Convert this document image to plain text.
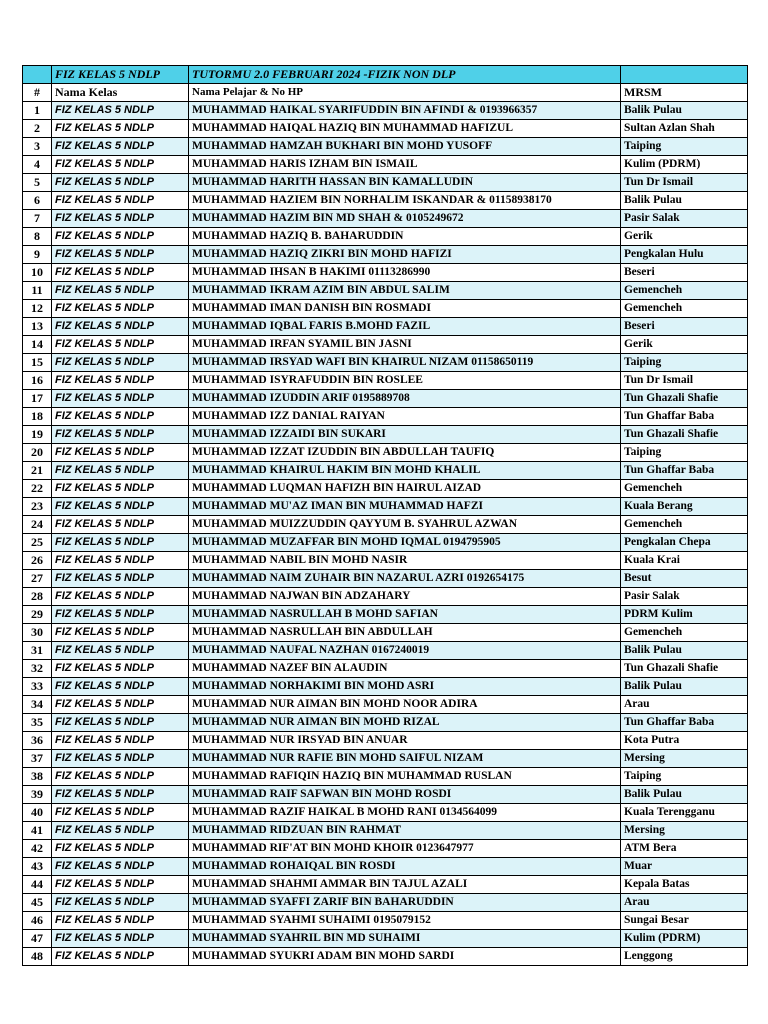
	FIZ KELAS 5 NDLP	TUTORMU 2.0 FEBRUARI 2024 -FIZIK NON DLP	
#	Nama Kelas	Nama Pelajar & No HP	MRSM
1	FIZ KELAS 5 NDLP	MUHAMMAD HAIKAL SYARIFUDDIN BIN AFINDI & 0193966357	Balik Pulau
2	FIZ KELAS 5 NDLP	MUHAMMAD HAIQAL HAZIQ BIN MUHAMMAD HAFIZUL	Sultan Azlan Shah
3	FIZ KELAS 5 NDLP	MUHAMMAD HAMZAH BUKHARI BIN MOHD YUSOFF	Taiping
4	FIZ KELAS 5 NDLP	MUHAMMAD HARIS IZHAM BIN ISMAIL	Kulim (PDRM)
5	FIZ KELAS 5 NDLP	MUHAMMAD HARITH HASSAN BIN KAMALLUDIN	Tun Dr Ismail
6	FIZ KELAS 5 NDLP	MUHAMMAD HAZIEM BIN NORHALIM ISKANDAR & 01158938170	Balik Pulau
7	FIZ KELAS 5 NDLP	MUHAMMAD HAZIM BIN MD SHAH & 0105249672	Pasir Salak
8	FIZ KELAS 5 NDLP	MUHAMMAD HAZIQ B. BAHARUDDIN	Gerik
9	FIZ KELAS 5 NDLP	MUHAMMAD HAZIQ ZIKRI BIN MOHD HAFIZI	Pengkalan Hulu
10	FIZ KELAS 5 NDLP	MUHAMMAD IHSAN B HAKIMI 01113286990	Beseri
11	FIZ KELAS 5 NDLP	MUHAMMAD IKRAM AZIM BIN ABDUL SALIM	Gemencheh
12	FIZ KELAS 5 NDLP	MUHAMMAD IMAN DANISH BIN ROSMADI	Gemencheh
13	FIZ KELAS 5 NDLP	MUHAMMAD IQBAL FARIS B.MOHD FAZIL	Beseri
14	FIZ KELAS 5 NDLP	MUHAMMAD IRFAN SYAMIL BIN JASNI	Gerik
15	FIZ KELAS 5 NDLP	MUHAMMAD IRSYAD WAFI BIN KHAIRUL NIZAM 01158650119	Taiping
16	FIZ KELAS 5 NDLP	MUHAMMAD ISYRAFUDDIN BIN ROSLEE	Tun Dr Ismail
17	FIZ KELAS 5 NDLP	MUHAMMAD IZUDDIN ARIF 0195889708	Tun Ghazali Shafie
18	FIZ KELAS 5 NDLP	MUHAMMAD IZZ DANIAL RAIYAN	Tun Ghaffar Baba
19	FIZ KELAS 5 NDLP	MUHAMMAD IZZAIDI BIN SUKARI	Tun Ghazali Shafie
20	FIZ KELAS 5 NDLP	MUHAMMAD IZZAT IZUDDIN BIN ABDULLAH TAUFIQ	Taiping
21	FIZ KELAS 5 NDLP	MUHAMMAD KHAIRUL HAKIM BIN MOHD KHALIL	Tun Ghaffar Baba
22	FIZ KELAS 5 NDLP	MUHAMMAD LUQMAN HAFIZH BIN HAIRUL AIZAD	Gemencheh
23	FIZ KELAS 5 NDLP	MUHAMMAD MU'AZ IMAN BIN MUHAMMAD HAFZI	Kuala Berang
24	FIZ KELAS 5 NDLP	MUHAMMAD MUIZZUDDIN QAYYUM B. SYAHRUL AZWAN	Gemencheh
25	FIZ KELAS 5 NDLP	MUHAMMAD MUZAFFAR BIN MOHD IQMAL 0194795905	Pengkalan Chepa
26	FIZ KELAS 5 NDLP	MUHAMMAD NABIL BIN MOHD NASIR	Kuala Krai
27	FIZ KELAS 5 NDLP	MUHAMMAD NAIM ZUHAIR BIN NAZARUL AZRI 0192654175	Besut
28	FIZ KELAS 5 NDLP	MUHAMMAD NAJWAN BIN ADZAHARY	Pasir Salak
29	FIZ KELAS 5 NDLP	MUHAMMAD NASRULLAH B MOHD SAFIAN	PDRM Kulim
30	FIZ KELAS 5 NDLP	MUHAMMAD NASRULLAH BIN ABDULLAH	Gemencheh
31	FIZ KELAS 5 NDLP	MUHAMMAD NAUFAL NAZHAN 0167240019	Balik Pulau
32	FIZ KELAS 5 NDLP	MUHAMMAD NAZEF BIN ALAUDIN	Tun Ghazali Shafie
33	FIZ KELAS 5 NDLP	MUHAMMAD NORHAKIMI BIN MOHD ASRI	Balik Pulau
34	FIZ KELAS 5 NDLP	MUHAMMAD NUR AIMAN BIN MOHD NOOR ADIRA	Arau
35	FIZ KELAS 5 NDLP	MUHAMMAD NUR AIMAN BIN MOHD RIZAL	Tun Ghaffar Baba
36	FIZ KELAS 5 NDLP	MUHAMMAD NUR IRSYAD BIN ANUAR	Kota Putra
37	FIZ KELAS 5 NDLP	MUHAMMAD NUR RAFIE BIN MOHD SAIFUL NIZAM	Mersing
38	FIZ KELAS 5 NDLP	MUHAMMAD RAFIQIN HAZIQ BIN MUHAMMAD RUSLAN	Taiping
39	FIZ KELAS 5 NDLP	MUHAMMAD RAIF SAFWAN BIN MOHD ROSDI	Balik Pulau
40	FIZ KELAS 5 NDLP	MUHAMMAD RAZIF HAIKAL B MOHD RANI 0134564099	Kuala Terengganu
41	FIZ KELAS 5 NDLP	MUHAMMAD RIDZUAN BIN RAHMAT	Mersing
42	FIZ KELAS 5 NDLP	MUHAMMAD RIF'AT BIN MOHD KHOIR 0123647977	ATM Bera
43	FIZ KELAS 5 NDLP	MUHAMMAD ROHAIQAL BIN ROSDI	Muar
44	FIZ KELAS 5 NDLP	MUHAMMAD SHAHMI AMMAR BIN TAJUL AZALI	Kepala Batas
45	FIZ KELAS 5 NDLP	MUHAMMAD SYAFFI ZARIF BIN BAHARUDDIN	Arau
46	FIZ KELAS 5 NDLP	MUHAMMAD SYAHMI SUHAIMI 0195079152	Sungai Besar
47	FIZ KELAS 5 NDLP	MUHAMMAD SYAHRIL BIN MD SUHAIMI	Kulim (PDRM)
48	FIZ KELAS 5 NDLP	MUHAMMAD SYUKRI ADAM BIN MOHD SARDI	Lenggong
